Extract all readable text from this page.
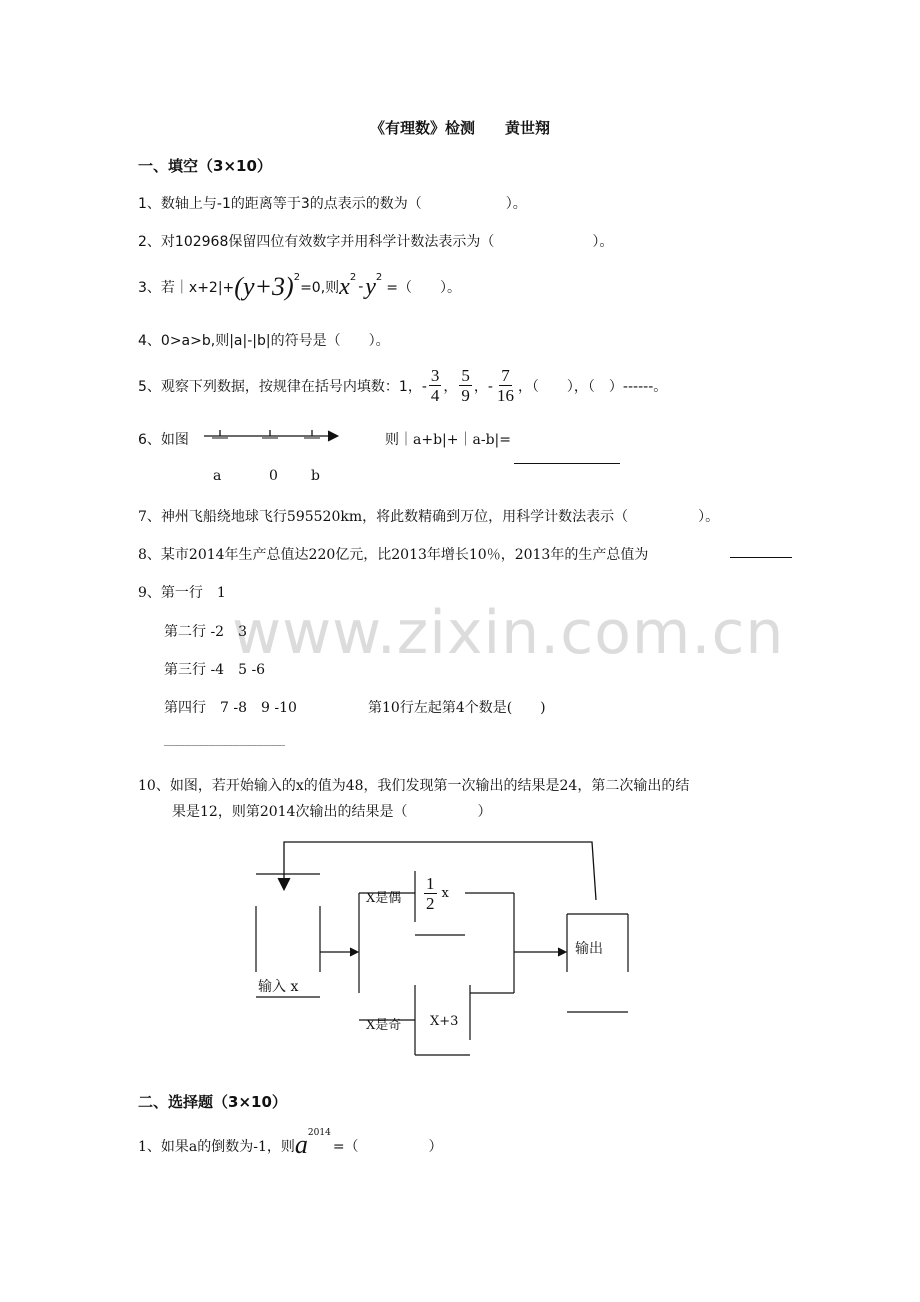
www.zixin.com.cn
《有理数》检测　　黄世翔
一、填空（3×10）
1、数轴上与-1的距离等于3的点表示的数为（　　　　　　）。
2、对102968保留四位有效数字并用科学计数法表示为（　　　　　　　）。
3、若｜x+2|+ (y+3) 2
=0,则 x 2
- y 2
=（　　）。
4、0>a>b,则|a|-|b|的符号是（　　）。
5、观察下列数据，按规律在括号内填数：1，- $\frac{3}{4}$ ， $\frac{5}{9}$ ，- $\frac{7}{16}$ ，（　　），（　）------。
6、如图	则｜a+b|+｜a-b|=
a	0 b
7、神州飞船绕地球飞行595520km，将此数精确到万位，用科学计数法表示（　　　　　）。
8、某市2014年生产总值达220亿元，比2013年增长10％，2013年的生产总值为
9、第一行　1
第二行 -2　3
第三行 -4　5 -6
第四行　7 -8　9 -10	第10行左起第4个数是(　　)
____________________
10、如图，若开始输入的x的值为48，我们发现第一次输出的结果是24，第二次输出的结
果是12，则第2014次输出的结果是（　　　　　）
输入 x
X是偶 $\frac{1}{2}$ x
X是奇 X+3
输出
二、选择题（3×10）
1、如果a的倒数为-1，则 a 2014
=（　　　　　）
